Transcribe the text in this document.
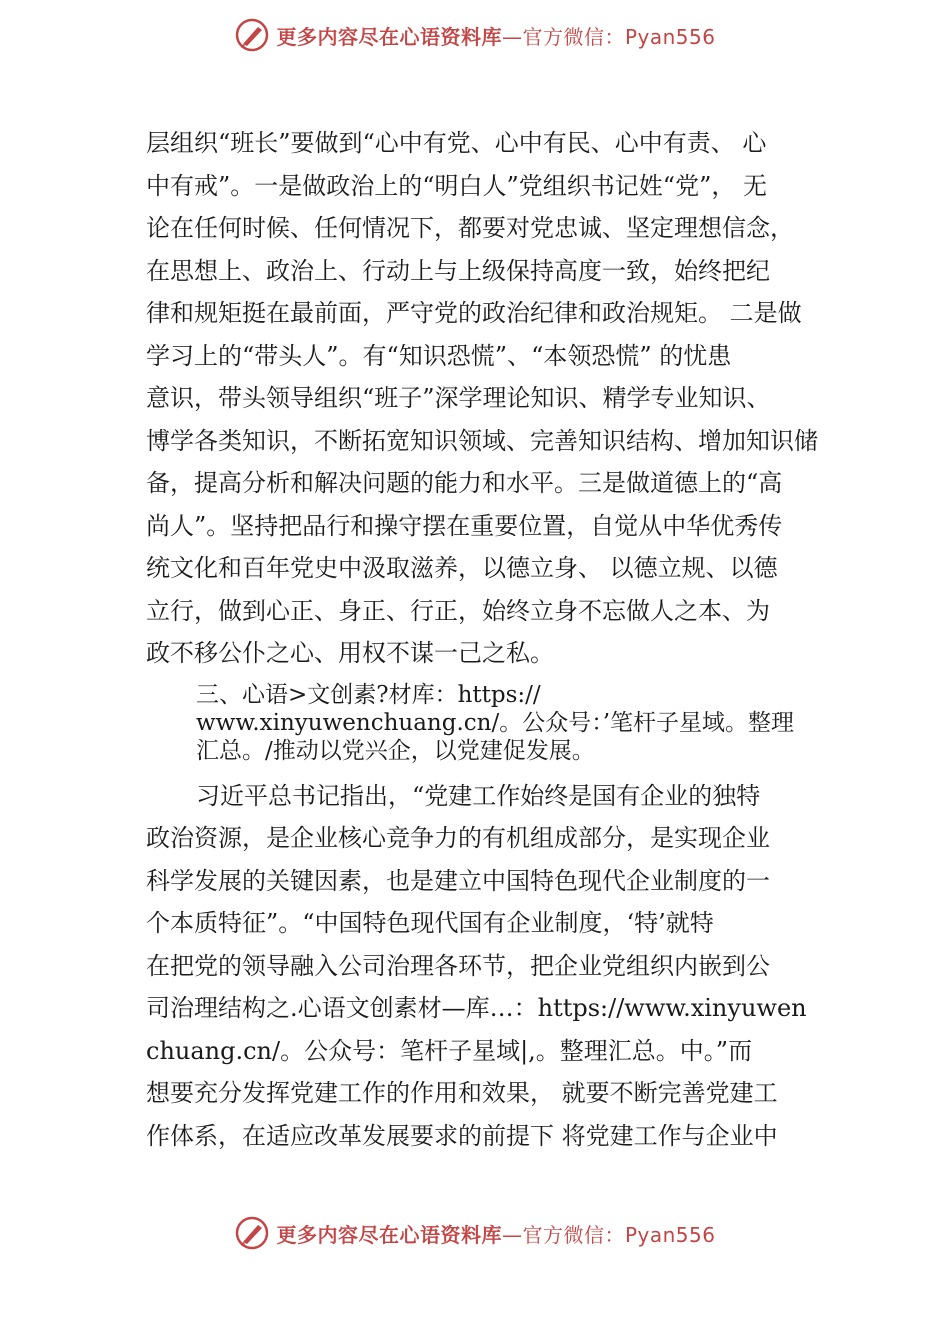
更多内容尽在心语资料库—官方微信：Pyan556
层组织“班长”要做到“心中有党、心中有民、心中有责、 心
中有戒”。一是做政治上的“明白人”党组织书记姓“党”， 无
论在任何时候、任何情况下，都要对党忠诚、坚定理想信念，
在思想上、政治上、行动上与上级保持高度一致，始终把纪
律和规矩挺在最前面，严守党的政治纪律和政治规矩。 二是做
学习上的“带头人”。有“知识恐慌”、“本领恐慌” 的忧患
意识，带头领导组织“班子”深学理论知识、精学专业知识、
博学各类知识，不断拓宽知识领域、完善知识结构、增加知识储
备，提高分析和解决问题的能力和水平。三是做道德上的“高
尚人”。坚持把品行和操守摆在重要位置，自觉从中华优秀传
统文化和百年党史中汲取滋养，以德立身、 以德立规、以德
立行，做到心正、身正、行正，始终立身不忘做人之本、为
政不移公仆之心、用权不谋一己之私。
三、心语>文创素?材库：https://
www.xinyuwenchuang.cn/。公众号：’笔杆子星域。整理
汇总。/推动以党兴企，以党建促发展。
习近平总书记指出，“党建工作始终是国有企业的独特
政治资源，是企业核心竞争力的有机组成部分，是实现企业
科学发展的关键因素，也是建立中国特色现代企业制度的一
个本质特征”。“中国特色现代国有企业制度，‘特’就特
在把党的领导融入公司治理各环节，把企业党组织内嵌到公
司治理结构之.心语文创素材—库…：https://www.xinyuwen
chuang.cn/。公众号：笔杆子星域|,。整理汇总。中。”而
想要充分发挥党建工作的作用和效果， 就要不断完善党建工
作体系，在适应改革发展要求的前提下 将党建工作与企业中
更多内容尽在心语资料库—官方微信：Pyan556
